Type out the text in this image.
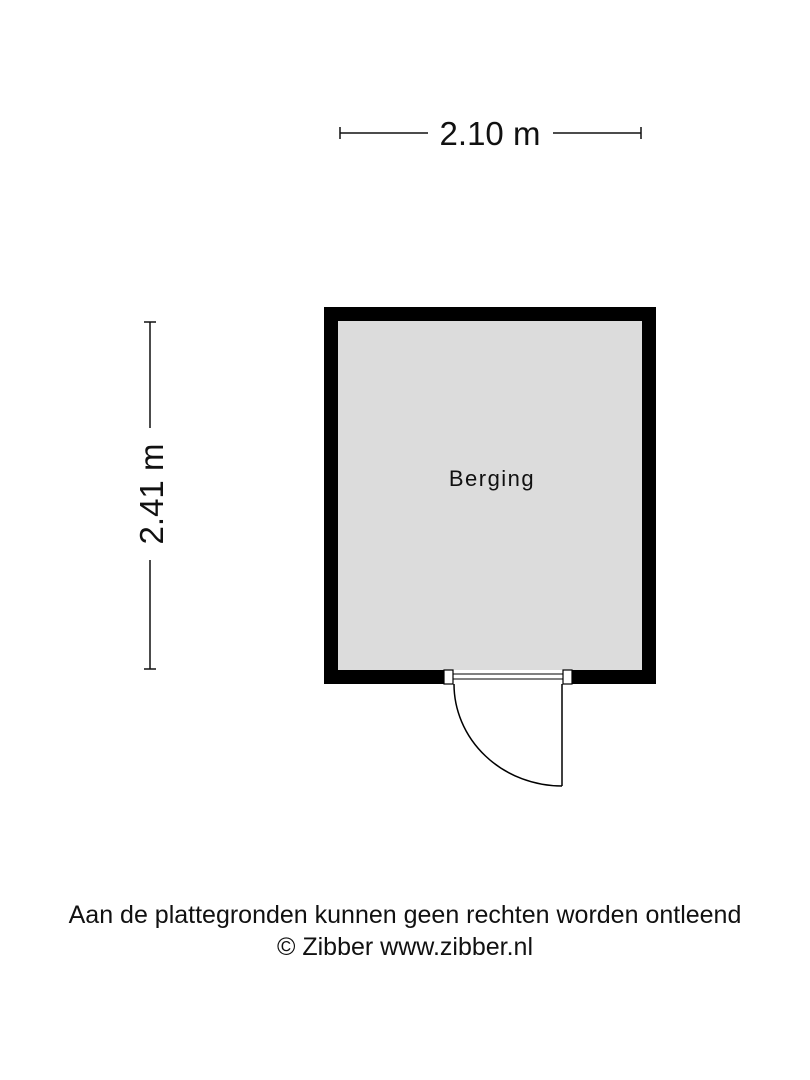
2.10 m
2.41 m	Berging
Aan de plattegronden kunnen geen rechten worden ontleend
© Zibber www.zibber.nl
